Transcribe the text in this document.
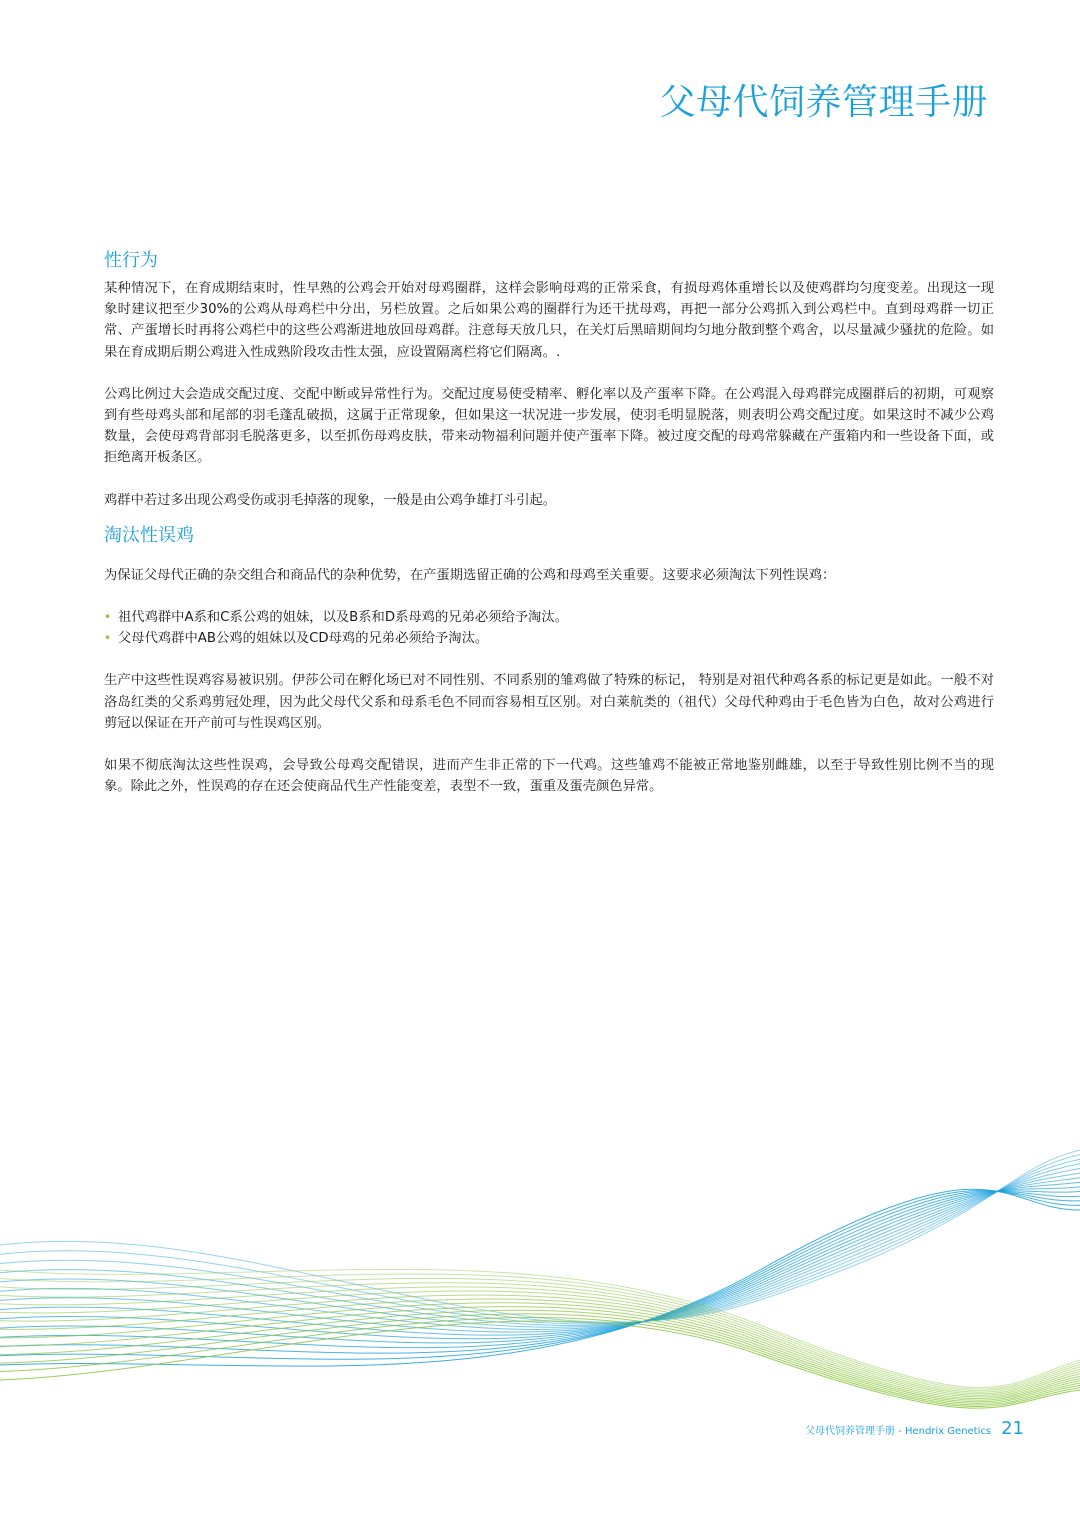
父母代饲养管理手册
性行为

某种情况下，在育成期结束时，性早熟的公鸡会开始对母鸡圈群，这样会影响母鸡的正常采食，有损母鸡体重增长以及使鸡群均匀度变差。出现这一现象时建议把至少30%的公鸡从母鸡栏中分出，另栏放置。之后如果公鸡的圈群行为还干扰母鸡，再把一部分公鸡抓入到公鸡栏中。直到母鸡群一切正常、产蛋增长时再将公鸡栏中的这些公鸡渐进地放回母鸡群。注意每天放几只，在关灯后黑暗期间均匀地分散到整个鸡舍，以尽量减少骚扰的危险。如果在育成期后期公鸡进入性成熟阶段攻击性太强，应设置隔离栏将它们隔离。.

公鸡比例过大会造成交配过度、交配中断或异常性行为。交配过度易使受精率、孵化率以及产蛋率下降。在公鸡混入母鸡群完成圈群后的初期，可观察到有些母鸡头部和尾部的羽毛蓬乱破损，这属于正常现象，但如果这一状况进一步发展，使羽毛明显脱落，则表明公鸡交配过度。如果这时不减少公鸡数量，会使母鸡背部羽毛脱落更多，以至抓伤母鸡皮肤，带来动物福利问题并使产蛋率下降。被过度交配的母鸡常躲藏在产蛋箱内和一些设备下面，或拒绝离开板条区。

鸡群中若过多出现公鸡受伤或羽毛掉落的现象，一般是由公鸡争雄打斗引起。

淘汰性误鸡

为保证父母代正确的杂交组合和商品代的杂种优势，在产蛋期选留正确的公鸡和母鸡至关重要。这要求必须淘汰下列性误鸡：

• 祖代鸡群中A系和C系公鸡的姐妹，以及B系和D系母鸡的兄弟必须给予淘汰。
• 父母代鸡群中AB公鸡的姐妹以及CD母鸡的兄弟必须给予淘汰。

生产中这些性误鸡容易被识别。伊莎公司在孵化场已对不同性别、不同系别的雏鸡做了特殊的标记， 特别是对祖代种鸡各系的标记更是如此。一般不对洛岛红类的父系鸡剪冠处理，因为此父母代父系和母系毛色不同而容易相互区别。对白莱航类的（祖代）父母代种鸡由于毛色皆为白色，故对公鸡进行剪冠以保证在开产前可与性误鸡区别。

如果不彻底淘汰这些性误鸡，会导致公母鸡交配错误，进而产生非正常的下一代鸡。这些雏鸡不能被正常地鉴别雌雄，以至于导致性别比例不当的现象。除此之外，性误鸡的存在还会使商品代生产性能变差，表型不一致，蛋重及蛋壳颜色异常。

父母代饲养管理手册 - Hendrix Genetics 21
